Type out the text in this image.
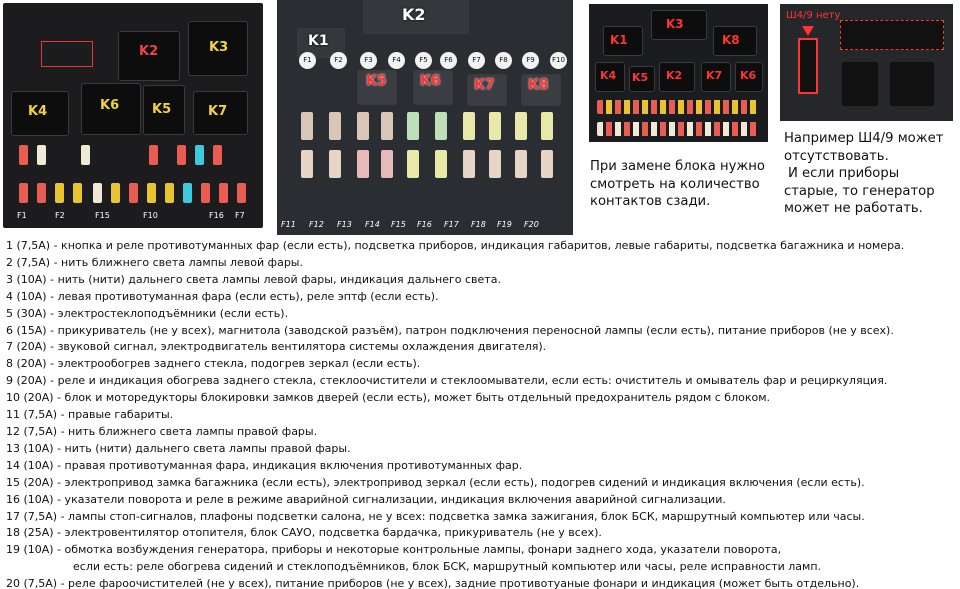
K2	K3
K4	K6	K5	K7
F1	F2	F15	F10	F16 F7
K2
K1
K5 K6 K7 K8
F1	F2	F3	F4	F5	F6	F7	F8	F9	F10
F11 F12 F13 F14 F15 F16 F17 F18 F19 F20
K3
K1	K8
K4	K2 K7
K5	K6
Ш4/9 нету
При замене блока нужно
смотреть на количество
контактов сзади.
Например Ш4/9 может
отсутствовать.
И если приборы
старые, то генератор
может не работать.
1 (7,5А) - кнопка и реле противотуманных фар (если есть), подсветка приборов, индикация габаритов, левые габариты, подсветка багажника и номера.
2 (7,5А) - нить ближнего света лампы левой фары.
3 (10А) - нить (нити) дальнего света лампы левой фары, индикация дальнего света.
4 (10А) - левая противотуманная фара (если есть), реле эптф (если есть).
5 (30А) - электростеклоподъёмники (если есть).
6 (15А) - прикуриватель (не у всех), магнитола (заводской разъём), патрон подключения переносной лампы (если есть), питание приборов (не у всех).
7 (20А) - звуковой сигнал, электродвигатель вентилятора системы охлаждения двигателя).
8 (20А) - электрообогрев заднего стекла, подогрев зеркал (если есть).
9 (20А) - реле и индикация обогрева заднего стекла, стеклоочистители и стеклоомыватели, если есть: очиститель и омыватель фар и рециркуляция.
10 (20А) - блок и моторедукторы блокировки замков дверей (если есть), может быть отдельный предохранитель рядом с блоком.
11 (7,5А) - правые габариты.
12 (7,5А) - нить ближнего света лампы правой фары.
13 (10А) - нить (нити) дальнего света лампы правой фары.
14 (10А) - правая противотуманная фара, индикация включения противотуманных фар.
15 (20А) - электропривод замка багажника (если есть), электропривод зеркал (если есть), подогрев сидений и индикация включения (если есть).
16 (10А) - указатели поворота и реле в режиме аварийной сигнализации, индикация включения аварийной сигнализации.
17 (7,5А) - лампы стоп-сигналов, плафоны подсветки салона, не у всех: подсветка замка зажигания, блок БСК, маршрутный компьютер или часы.
18 (25А) - электровентилятор отопителя, блок САУО, подсветка бардачка, прикуриватель (не у всех).
19 (10А) - обмотка возбуждения генератора, приборы и некоторые контрольные лампы, фонари заднего хода, указатели поворота,
если есть: реле обогрева сидений и стеклоподъёмников, блок БСК, маршрутный компьютер или часы, реле исправности ламп.
20 (7,5А) - реле фароочистителей (не у всех), питание приборов (не у всех), задние противотуаные фонари и индикация (может быть отдельно).
